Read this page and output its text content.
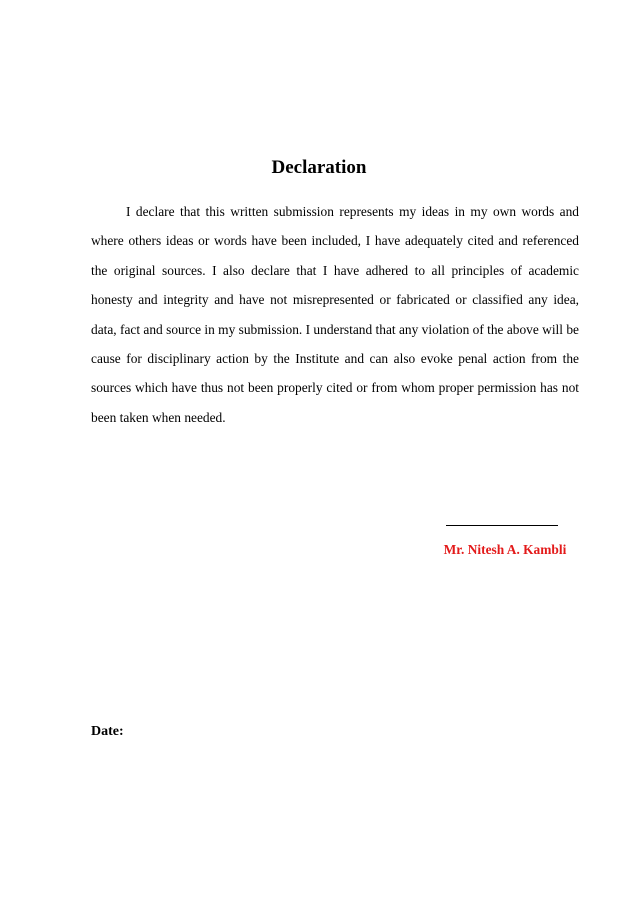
Declaration

I declare that this written submission represents my ideas in my own words and where others ideas or words have been included, I have adequately cited and referenced the original sources. I also declare that I have adhered to all principles of academic honesty and integrity and have not misrepresented or fabricated or classified any idea, data, fact and source in my submission. I understand that any violation of the above will be cause for disciplinary action by the Institute and can also evoke penal action from the sources which have thus not been properly cited or from whom proper permission has not been taken when needed.

Mr. Nitesh A. Kambli

Date:
